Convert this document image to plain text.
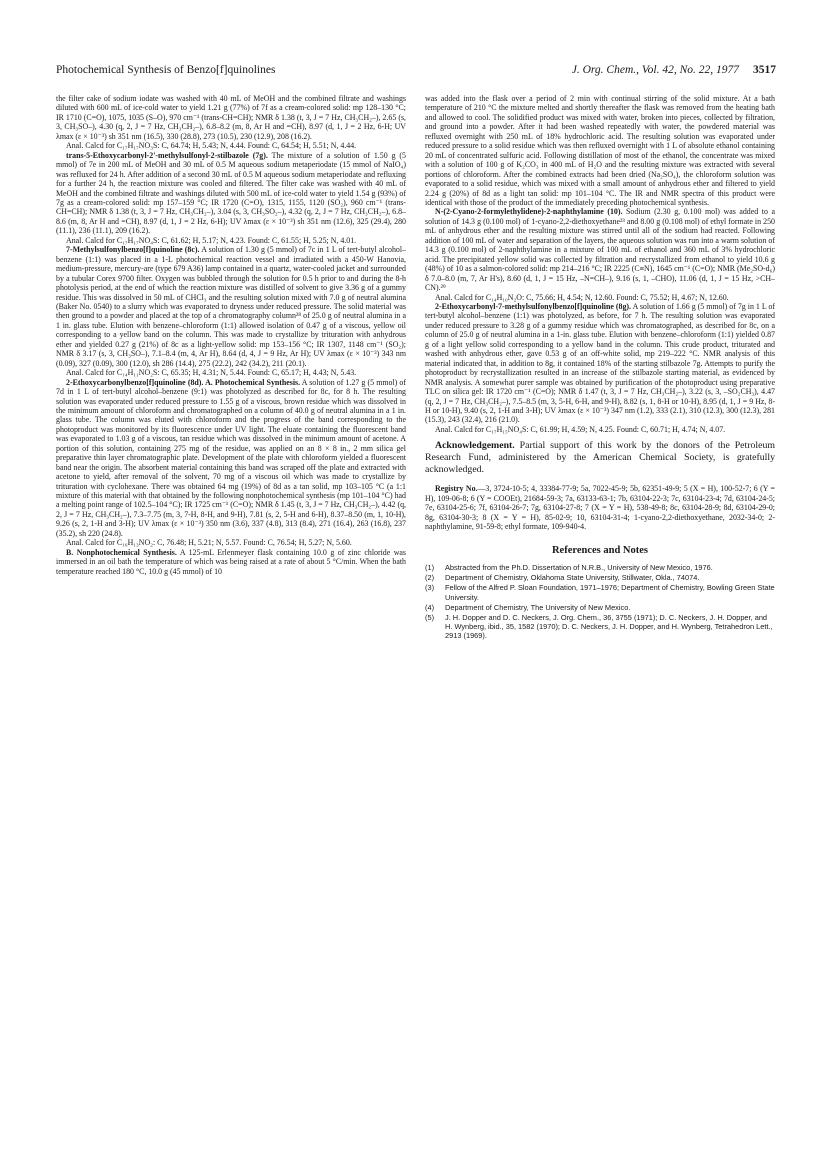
Photochemical Synthesis of Benzo[f]quinolines	J. Org. Chem., Vol. 42, No. 22, 1977 3517

the filter cake of sodium iodate was washed with 40 mL of MeOH and the combined filtrate and washings diluted with 600 mL of ice-cold water to yield 1.21 g (77%) of 7f as a cream-colored solid: mp 128–130 °C; IR 1710 (C=O), 1075, 1035 (S–O), 970 cm⁻¹ (trans-CH=CH); NMR δ 1.38 (t, 3, J = 7 Hz, CH₃CH₂–), 2.65 (s, 3, CH₃SO–), 4.30 (q, 2, J = 7 Hz, CH₃CH₂–), 6.8–8.2 (m, 8, Ar H and =CH), 8.97 (d, 1, J = 2 Hz, 6-H; UV λmax (ε × 10⁻³) sh 351 nm (16.5), 330 (28.8), 273 (10.5), 230 (12.9), 208 (16.2).

Anal. Calcd for C₁₇H₁₇NO₃S: C, 64.74; H, 5.43; N, 4.44. Found: C, 64.54; H, 5.51; N, 4.44.

trans-5-Ethoxycarbonyl-2'-methylsulfonyl-2-stilbazole (7g). The mixture of a solution of 1.50 g (5 mmol) of 7e in 200 mL of MeOH and 30 mL of 0.5 M aqueous sodium metaperiodate (15 mmol of NaIO₄) was refluxed for 24 h. After addition of a second 30 mL of 0.5 M aqueous sodium metaperiodate and refluxing for a further 24 h, the reaction mixture was cooled and filtered. The filter cake was washed with 40 mL of MeOH and the combined filtrate and washings diluted with 500 mL of ice-cold water to yield 1.54 g (93%) of 7g as a cream-colored solid: mp 157–159 °C; IR 1720 (C=O), 1315, 1155, 1120 (SO₂), 960 cm⁻¹ (trans-CH=CH); NMR δ 1.38 (t, 3, J = 7 Hz, CH₃CH₂–), 3.04 (s, 3, CH₃SO₂–), 4.32 (q, 2, J = 7 Hz, CH₃CH₂–), 6.8–8.6 (m, 8, Ar H and =CH), 8.97 (d, 1, J = 2 Hz, 6-H); UV λmax (ε × 10⁻³) sh 351 nm (12.6), 325 (29.4), 280 (11.1), 236 (11.1), 209 (16.2).

Anal. Calcd for C₁₇H₁₇NO₄S: C, 61.62; H, 5.17; N, 4.23. Found: C, 61.55; H, 5.25; N, 4.01.

7-Methylsulfonylbenzo[f]quinoline (8c). A solution of 1.30 g (5 mmol) of 7c in 1 L of tert-butyl alcohol–benzene (1:1) was placed in a 1-L photochemical reaction vessel and irradiated with a 450-W Hanovia, medium-pressure, mercury-are (type 679 A36) lamp contained in a quartz, water-cooled jacket and surrounded by a tubular Corex 9700 filter. Oxygen was bubbled through the solution for 0.5 h prior to and during the 8-h photolysis period, at the end of which the reaction mixture was distilled of solvent to give 3.36 g of a gummy residue. This was dissolved in 50 mL of CHCl₃ and the resulting solution mixed with 7.0 g of neutral alumina (Baker No. 0540) to a slurry which was evaporated to dryness under reduced pressure. The solid material was then ground to a powder and placed at the top of a chromatography column²⁸ of 25.0 g of neutral alumina in a 1 in. glass tube. Elution with benzene–chloroform (1:1) allowed isolation of 0.47 g of a viscous, yellow oil corresponding to a yellow band on the column. This was made to crystallize by trituration with anhydrous ether and yielded 0.27 g (21%) of 8c as a light-yellow solid: mp 153–156 °C; IR 1307, 1148 cm⁻¹ (SO₂); NMR δ 3.17 (s, 3, CH₃SO–), 7.1–8.4 (m, 4, Ar H), 8.64 (d, 4, J = 9 Hz, Ar H); UV λmax (ε × 10⁻³) 343 nm (0.09), 327 (0.09), 300 (12.0), sh 286 (14.4), 275 (22.2), 242 (34.2), 211 (20.1).

Anal. Calcd for C₁₄H₁₁NO₂S: C, 65.35; H, 4.31; N, 5.44. Found: C, 65.17; H, 4.43; N, 5.43.

2-Ethoxycarbonylbenzo[f]quinoline (8d). A. Photochemical Synthesis. A solution of 1.27 g (5 mmol) of 7d in 1 L of tert-butyl alcohol–benzene (9:1) was photolyzed as described for 8c, for 8 h. The resulting solution was evaporated under reduced pressure to 1.55 g of a viscous, brown residue which was dissolved in the minimum amount of chloroform and chromatographed on a column of 40.0 g of neutral alumina in a 1 in. glass tube. The column was eluted with chloroform and the progress of the band corresponding to the photoproduct was monitored by its fluorescence under UV light. The eluate containing the fluorescent band was evaporated to 1.03 g of a viscous, tan residue which was dissolved in the minimum amount of acetone. A portion of this solution, containing 275 mg of the residue, was applied on an 8 × 8 in., 2 mm silica gel preparative thin layer chromatographic plate. Development of the plate with chloroform yielded a fluorescent band near the origin. The absorbent material containing this band was scraped off the plate and extracted with acetone to yield, after removal of the solvent, 70 mg of a viscous oil which was made to crystallize by trituration with cyclohexane. There was obtained 64 mg (19%) of 8d as a tan solid, mp 103–105 °C (a 1:1 mixture of this material with that obtained by the following nonphotochemical synthesis (mp 101–104 °C) had a melting point range of 102.5–104 °C); IR 1725 cm⁻¹ (C=O); NMR δ 1.45 (t, 3, J = 7 Hz, CH₃CH₂–), 4.42 (q, 2, J = 7 Hz, CH₃CH₂–), 7.3–7.75 (m, 3, 7-H, 8-H, and 9-H), 7.81 (s, 2, 5-H and 6-H), 8.37–8.50 (m, 1, 10-H), 9.26 (s, 2, 1-H and 3-H); UV λmax (ε × 10⁻³) 350 nm (3.6), 337 (4.8), 313 (8.4), 271 (16.4), 263 (16.8), 237 (35.2), sh 220 (24.8).

Anal. Calcd for C₁₆H₁₃NO₂: C, 76.48; H, 5.21; N, 5.57. Found: C, 76.54; H, 5.27; N, 5.60.

B. Nonphotochemical Synthesis. A 125-mL Erlenmeyer flask containing 10.0 g of zinc chloride was immersed in an oil bath the temperature of which was being raised at a rate of about 5 °C/min. When the bath temperature reached 180 °C, 10.0 g (45 mmol) of 10

was added into the flask over a period of 2 min with continual stirring of the solid mixture. At a bath temperature of 210 °C the mixture melted and shortly thereafter the flask was removed from the heating bath and allowed to cool. The solidified product was mixed with water, broken into pieces, collected by filtration, and ground into a powder. After it had been washed repeatedly with water, the powdered material was refluxed overnight with 250 mL of 18% hydrochloric acid. The resulting solution was evaporated under reduced pressure to a solid residue which was then refluxed overnight with 1 L of absolute ethanol containing 20 mL of concentrated sulfuric acid. Following distillation of most of the ethanol, the concentrate was mixed with a solution of 100 g of K₂CO₃ in 400 mL of H₂O and the resulting mixture was extracted with several portions of chloroform. After the combined extracts had been dried (Na₂SO₄), the chloroform solution was evaporated to a solid residue, which was mixed with a small amount of anhydrous ether and filtered to yield 2.24 g (20%) of 8d as a light tan solid: mp 101–104 °C. The IR and NMR spectra of this product were identical with those of the product of the immediately preceding photochemical synthesis.

N-(2-Cyano-2-formylethylidene)-2-naphthylamine (10). Sodium (2.30 g, 0.100 mol) was added to a solution of 14.3 g (0.100 mol) of 1-cyano-2,2-diethoxyethane²³ and 8.00 g (0.108 mol) of ethyl formate in 250 mL of anhydrous ether and the resulting mixture was stirred until all of the sodium had reacted. Following addition of 100 mL of water and separation of the layers, the aqueous solution was run into a warm solution of 14.3 g (0.100 mol) of 2-naphthylamine in a mixture of 100 mL of ethanol and 360 mL of 3% hydrochloric acid. The precipitated yellow solid was collected by filtration and recrystallized from ethanol to yield 10.6 g (48%) of 10 as a salmon-colored solid: mp 214–216 °C; IR 2225 (C≡N), 1645 cm⁻¹ (C=O); NMR (Me₂SO-d₆) δ 7.0–8.0 (m, 7, Ar H's), 8.60 (d, 1, J = 15 Hz, –N=CH–), 9.16 (s, 1, –CHO), 11.06 (d, 1, J = 15 Hz, >CH–CN).²⁹

Anal. Calcd for C₁₄H₁₀N₂O: C, 75.66; H, 4.54; N, 12.60. Found: C, 75.52; H, 4.67; N, 12.60.

2-Ethoxycarbonyl-7-methylsulfonylbenzo[f]quinoline (8g). A solution of 1.66 g (5 mmol) of 7g in 1 L of tert-butyl alcohol–benzene (1:1) was photolyzed, as before, for 7 h. The resulting solution was evaporated under reduced pressure to 3.28 g of a gummy residue which was chromatographed, as described for 8c, on a column of 25.0 g of neutral alumina in a 1-in. glass tube. Elution with benzene–chloroform (1:1) yielded 0.87 g of a light yellow solid corresponding to a yellow band in the column. This crude product, triturated and washed with anhydrous ether, gave 0.53 g of an off-white solid, mp 219–222 °C. NMR analysis of this material indicated that, in addition to 8g, it contained 18% of the starting stilbazole 7g. Attempts to purify the photoproduct by recrystallization resulted in an increase of the stilbazole starting material, as evidenced by NMR analysis. A somewhat purer sample was obtained by purification of the photoproduct using preparative TLC on silica gel: IR 1720 cm⁻¹ (C=O); NMR δ 1.47 (t, 3, J = 7 Hz, CH₃CH₂–), 3.22 (s, 3, –SO₂CH₃), 4.47 (q, 2, J = 7 Hz, CH₃CH₂–), 7.5–8.5 (m, 3, 5-H, 6-H, and 9-H), 8.82 (s, 1, 8-H or 10-H), 8.95 (d, 1, J = 9 Hz, 8-H or 10-H), 9.40 (s, 2, 1-H and 3-H); UV λmax (ε × 10⁻³) 347 nm (1.2), 333 (2.1), 310 (12.3), 300 (12.3), 281 (15.3), 243 (32.4), 216 (21.0).

Anal. Calcd for C₁₇H₁₅NO₄S: C, 61.99; H, 4.59; N, 4.25. Found: C, 60.71; H, 4.74; N, 4.07.

Acknowledgement. Partial support of this work by the donors of the Petroleum Research Fund, administered by the American Chemical Society, is gratefully acknowledged.

Registry No.—3, 3724-10-5; 4, 33384-77-9; 5a, 7022-45-9; 5b, 62351-49-9; 5 (X = H), 100-52-7; 6 (Y = H), 109-06-8; 6 (Y = COOEt), 21684-59-3; 7a, 63133-63-1; 7b, 63104-22-3; 7c, 63104-23-4; 7d, 63104-24-5; 7e, 63104-25-6; 7f, 63104-26-7; 7g, 63104-27-8; 7 (X = Y = H), 538-49-8; 8c, 63104-28-9; 8d, 63104-29-0; 8g, 63104-30-3; 8 (X = Y = H), 85-02-9; 10, 63104-31-4; 1-cyano-2,2-diethoxyethane, 2032-34-0; 2-naphthylamine, 91-59-8; ethyl formate, 109-940-4.

References and Notes
(1)	Abstracted from the Ph.D. Dissertation of N.R.B., University of New Mexico, 1976.
(2)	Department of Chemistry, Oklahoma State University, Stillwater, Okla., 74074.
(3)	Fellow of the Alfred P. Sloan Foundation, 1971–1976; Department of Chemistry, Bowling Green State University.
(4)	Department of Chemistry, The University of New Mexico.
(5)	J. H. Dopper and D. C. Neckers, J. Org. Chem., 36, 3755 (1971); D. C. Neckers, J. H. Dopper, and H. Wynberg, ibid., 35, 1582 (1970); D. C. Neckers, J. H. Dopper, and H. Wynberg, Tetrahedron Lett., 2913 (1969).
